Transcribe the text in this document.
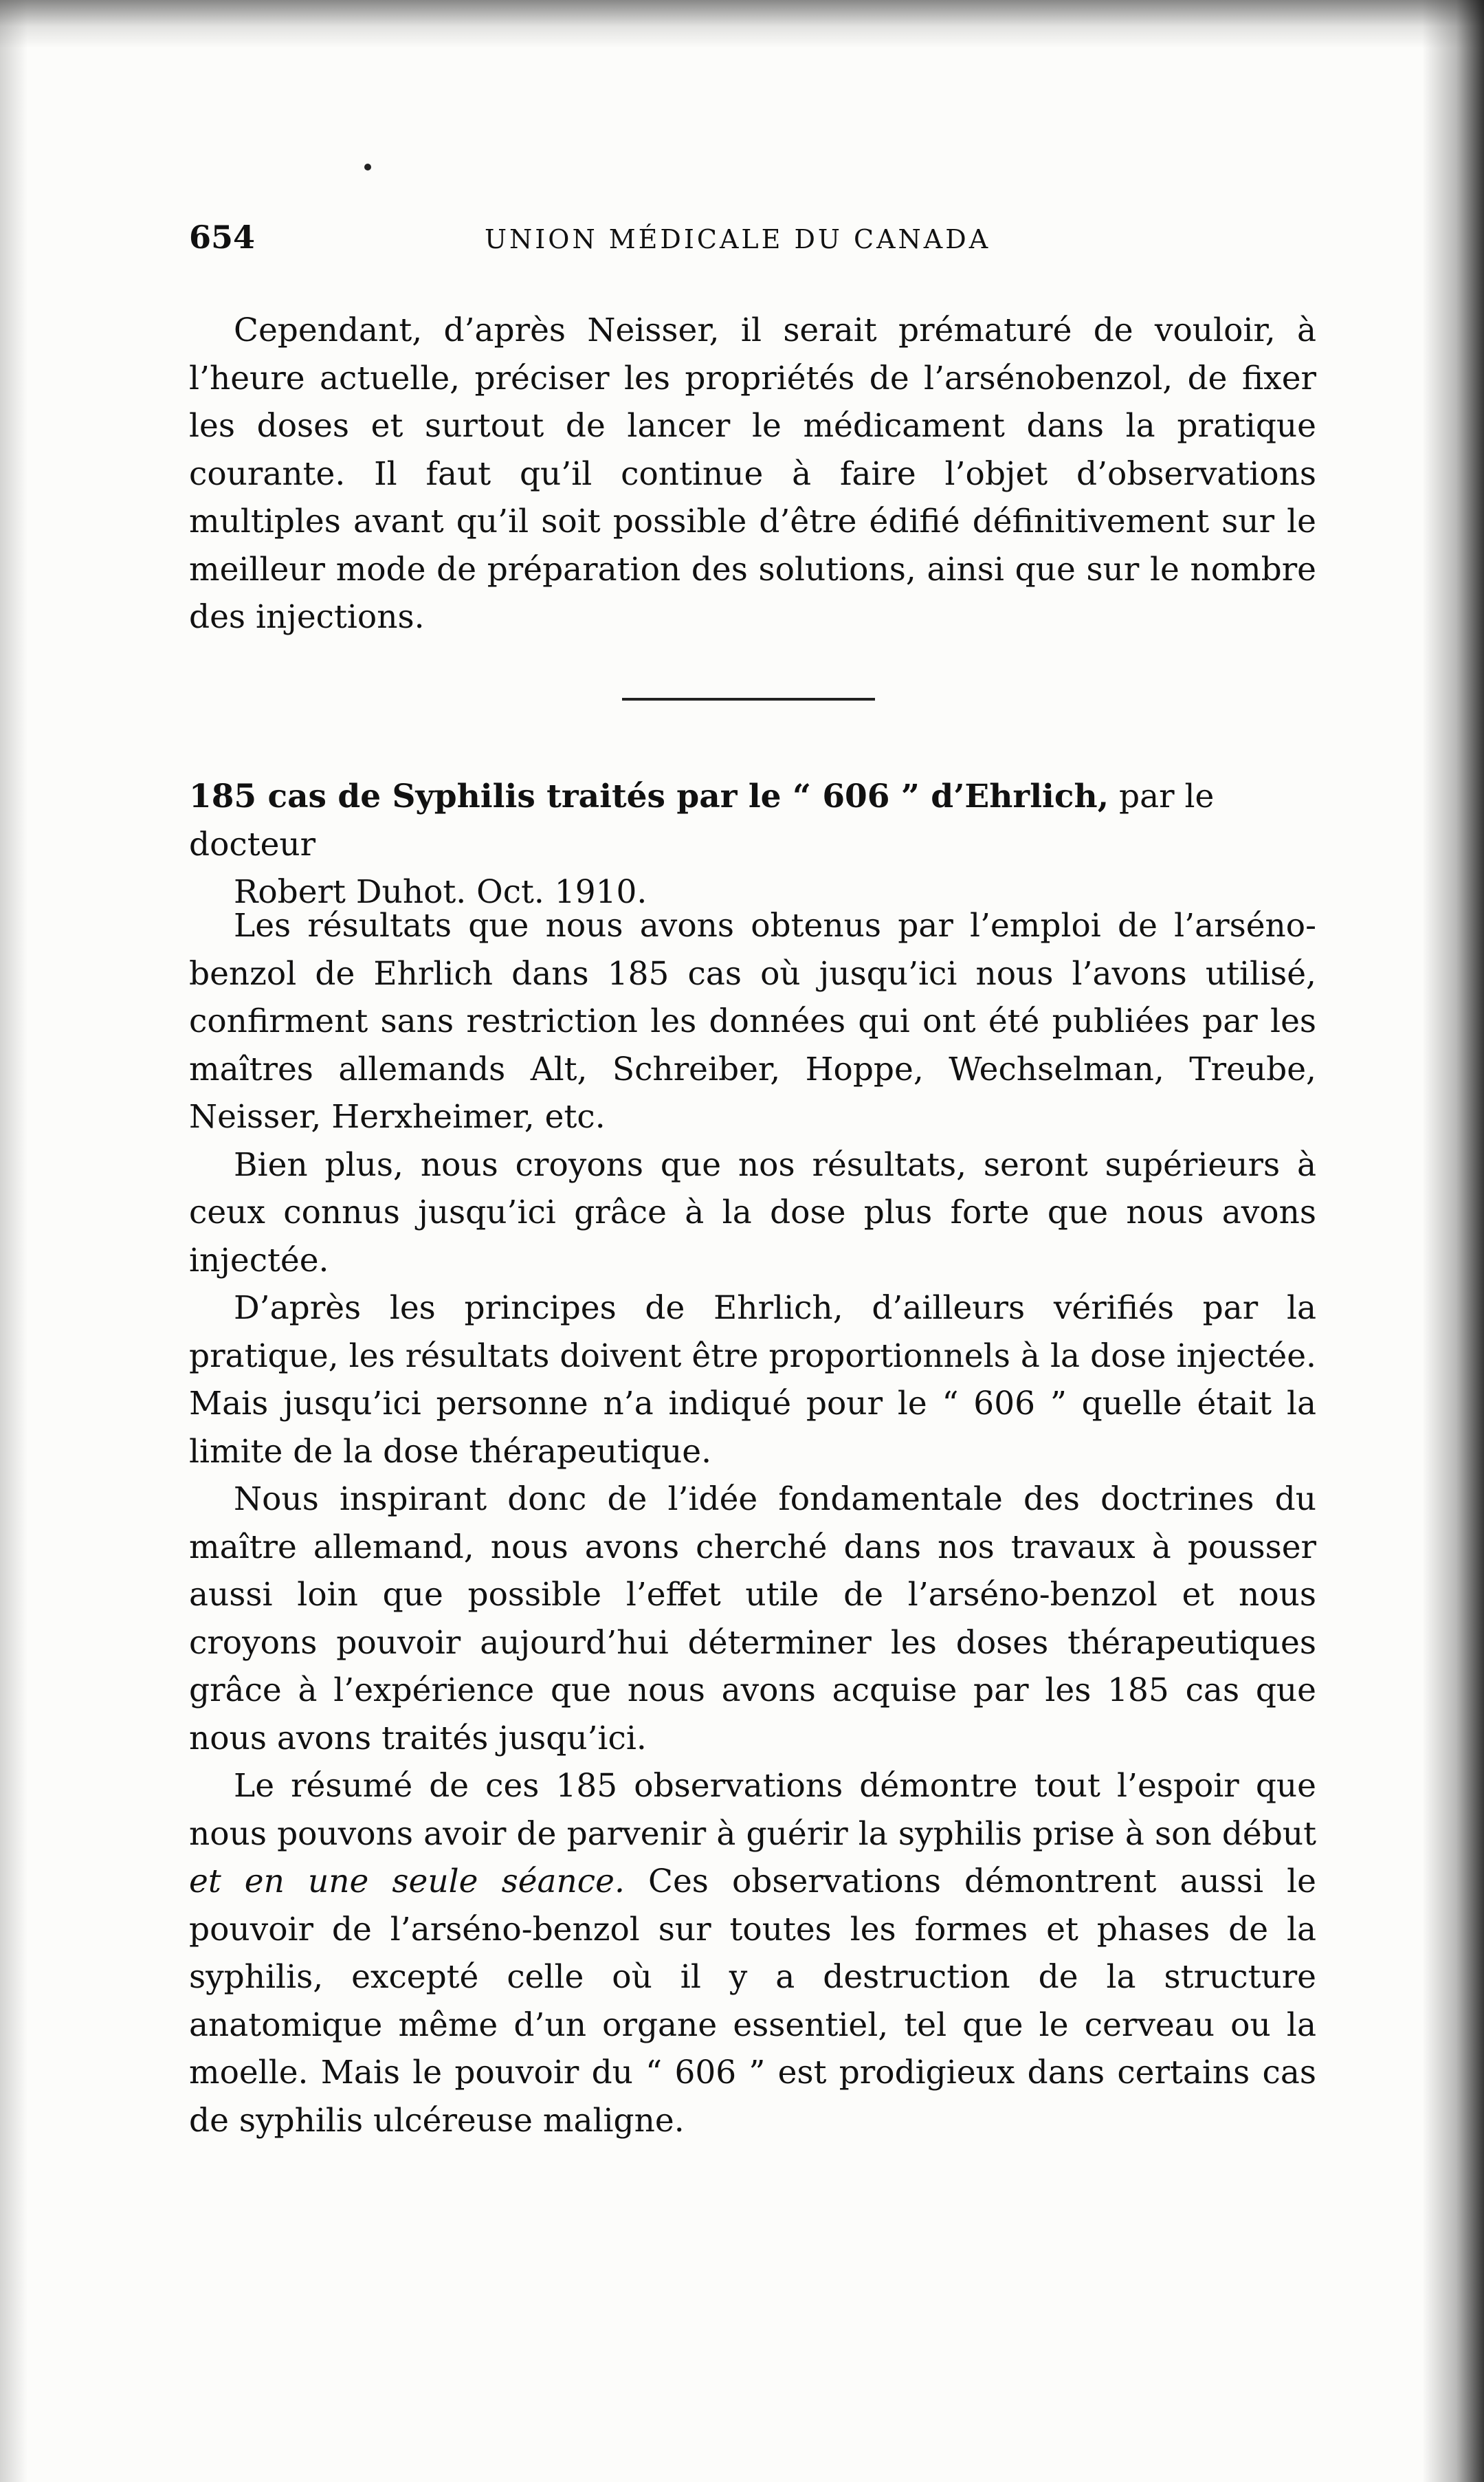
654	UNION MÉDICALE DU CANADA

Cependant, d’après Neisser, il serait prématuré de vouloir, à l’heure actuelle, préciser les propriétés de l’arsénobenzol, de fixer les doses et surtout de lancer le médicament dans la pratique courante. Il faut qu’il continue à faire l’objet d’observations multiples avant qu’il soit possible d’être édifié définitivement sur le meilleur mode de préparation des solutions, ainsi que sur le nombre des injections.

185 cas de Syphilis traités par le “ 606 ” d’Ehrlich, par le docteur
Robert Duhot. Oct. 1910.

Les résultats que nous avons obtenus par l’emploi de l’arséno-benzol de Ehrlich dans 185 cas où jusqu’ici nous l’avons utilisé, confirment sans restriction les données qui ont été publiées par les maîtres allemands Alt, Schreiber, Hoppe, Wechselman, Treube, Neisser, Herxheimer, etc.

Bien plus, nous croyons que nos résultats, seront supérieurs à ceux connus jusqu’ici grâce à la dose plus forte que nous avons injectée.

D’après les principes de Ehrlich, d’ailleurs vérifiés par la pratique, les résultats doivent être proportionnels à la dose injectée. Mais jusqu’ici personne n’a indiqué pour le “ 606 ” quelle était la limite de la dose thérapeutique.

Nous inspirant donc de l’idée fondamentale des doctrines du maître allemand, nous avons cherché dans nos travaux à pousser aussi loin que possible l’effet utile de l’arséno-benzol et nous croyons pouvoir aujourd’hui déterminer les doses thérapeutiques grâce à l’expérience que nous avons acquise par les 185 cas que nous avons traités jusqu’ici.

Le résumé de ces 185 observations démontre tout l’espoir que nous pouvons avoir de parvenir à guérir la syphilis prise à son début et en une seule séance. Ces observations démontrent aussi le pouvoir de l’arséno-benzol sur toutes les formes et phases de la syphilis, excepté celle où il y a destruction de la structure anatomique même d’un organe essentiel, tel que le cerveau ou la moelle. Mais le pouvoir du “ 606 ” est prodigieux dans certains cas de syphilis ulcéreuse maligne.
